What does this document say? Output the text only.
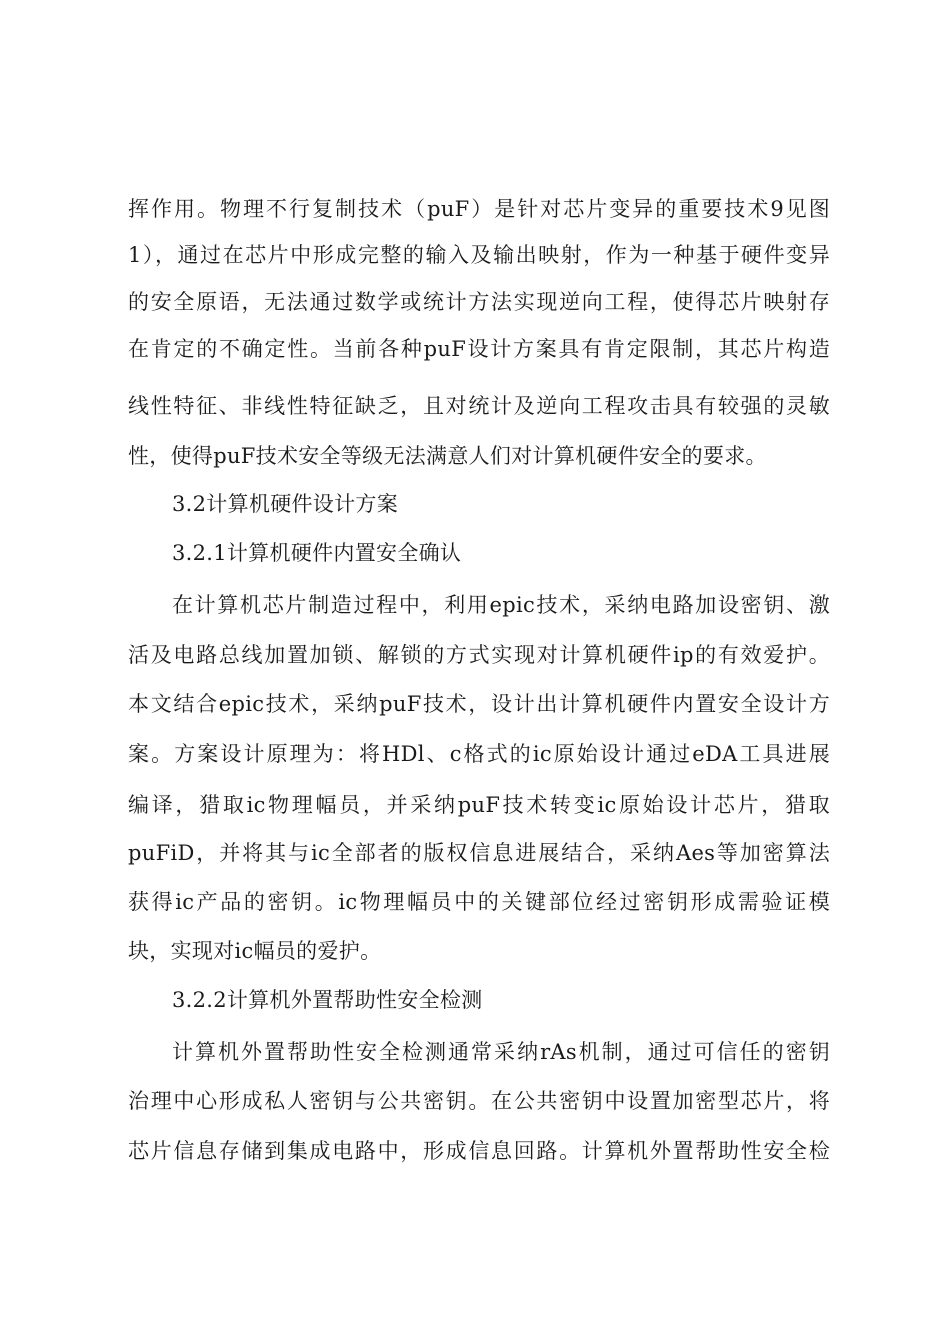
挥作用。物理不行复制技术（puF）是针对芯片变异的重要技术9见图
1），通过在芯片中形成完整的输入及输出映射，作为一种基于硬件变异
的安全原语，无法通过数学或统计方法实现逆向工程，使得芯片映射存
在肯定的不确定性。当前各种puF设计方案具有肯定限制，其芯片构造
线性特征、非线性特征缺乏，且对统计及逆向工程攻击具有较强的灵敏
性，使得puF技术安全等级无法满意人们对计算机硬件安全的要求。
3.2计算机硬件设计方案
3.2.1计算机硬件内置安全确认
在计算机芯片制造过程中，利用epic技术，采纳电路加设密钥、激
活及电路总线加置加锁、解锁的方式实现对计算机硬件ip的有效爱护。
本文结合epic技术，采纳puF技术，设计出计算机硬件内置安全设计方
案。方案设计原理为：将HDl、c格式的ic原始设计通过eDA工具进展
编译，猎取ic物理幅员，并采纳puF技术转变ic原始设计芯片，猎取
puFiD，并将其与ic全部者的版权信息进展结合，采纳Aes等加密算法
获得ic产品的密钥。ic物理幅员中的关键部位经过密钥形成需验证模
块，实现对ic幅员的爱护。
3.2.2计算机外置帮助性安全检测
计算机外置帮助性安全检测通常采纳rAs机制，通过可信任的密钥
治理中心形成私人密钥与公共密钥。在公共密钥中设置加密型芯片，将
芯片信息存储到集成电路中，形成信息回路。计算机外置帮助性安全检
